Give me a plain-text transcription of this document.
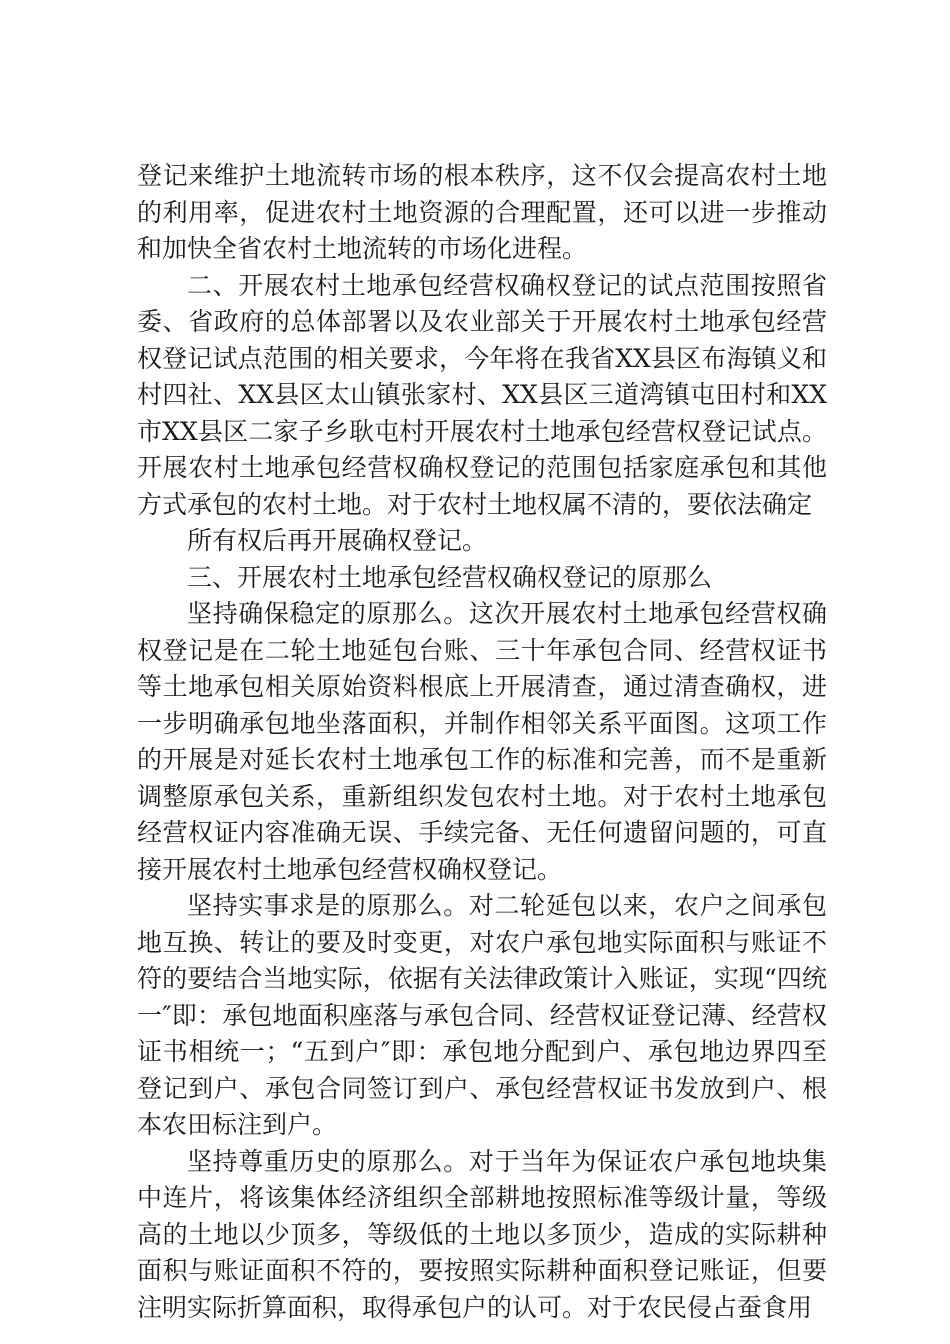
登记来维护土地流转市场的根本秩序，这不仅会提高农村土地的利用率，促进农村土地资源的合理配置，还可以进一步推动和加快全省农村土地流转的市场化进程。

二、开展农村土地承包经营权确权登记的试点范围按照省委、省政府的总体部署以及农业部关于开展农村土地承包经营权登记试点范围的相关要求，今年将在我省XX县区布海镇义和村四社、XX县区太山镇张家村、XX县区三道湾镇屯田村和XX市XX县区二家子乡耿屯村开展农村土地承包经营权登记试点。开展农村土地承包经营权确权登记的范围包括家庭承包和其他方式承包的农村土地。对于农村土地权属不清的，要依法确定

所有权后再开展确权登记。

三、开展农村土地承包经营权确权登记的原那么

坚持确保稳定的原那么。这次开展农村土地承包经营权确权登记是在二轮土地延包台账、三十年承包合同、经营权证书等土地承包相关原始资料根底上开展清查，通过清查确权，进一步明确承包地坐落面积，并制作相邻关系平面图。这项工作的开展是对延长农村土地承包工作的标准和完善，而不是重新调整原承包关系，重新组织发包农村土地。对于农村土地承包经营权证内容准确无误、手续完备、无任何遗留问题的，可直接开展农村土地承包经营权确权登记。

坚持实事求是的原那么。对二轮延包以来，农户之间承包地互换、转让的要及时变更，对农户承包地实际面积与账证不符的要结合当地实际，依据有关法律政策计入账证，实现“四统一″即：承包地面积座落与承包合同、经营权证登记薄、经营权证书相统一；“五到户″即：承包地分配到户、承包地边界四至登记到户、承包合同签订到户、承包经营权证书发放到户、根本农田标注到户。

坚持尊重历史的原那么。对于当年为保证农户承包地块集中连片，将该集体经济组织全部耕地按照标准等级计量，等级高的土地以少顶多，等级低的土地以多顶少，造成的实际耕种面积与账证面积不符的，要按照实际耕种面积登记账证，但要注明实际折算面积，取得承包户的认可。对于农民侵占蚕食用
